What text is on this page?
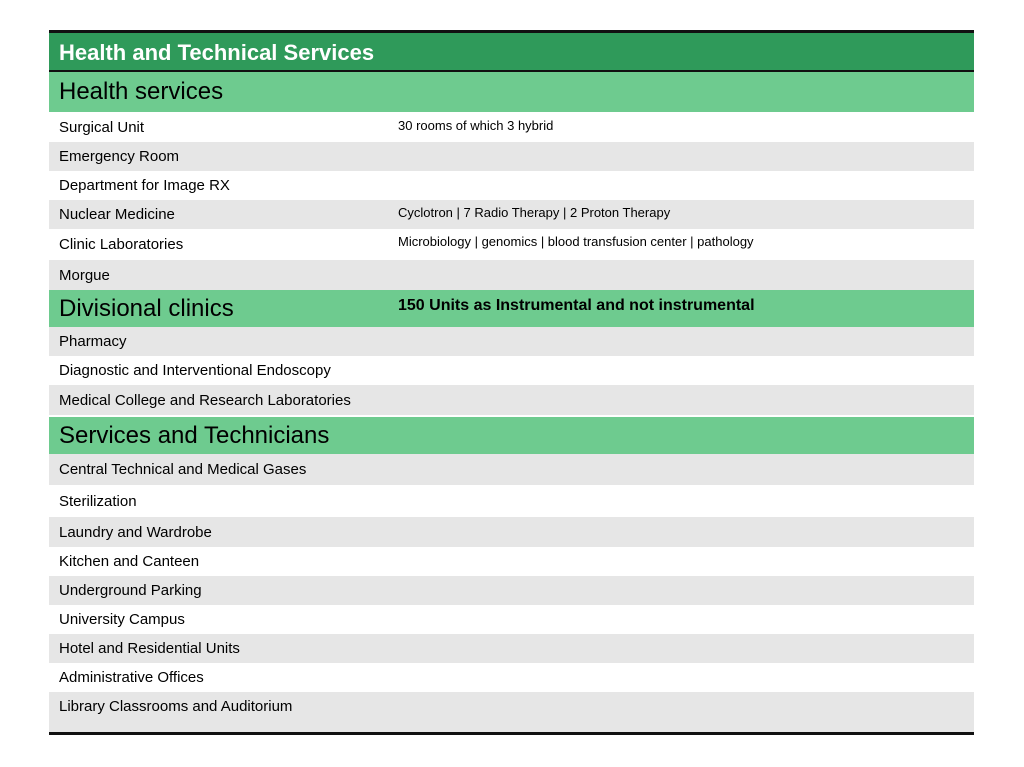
Health and Technical Services
Health services
Surgical Unit	30 rooms of which 3 hybrid
Emergency Room
Department for Image RX
Nuclear Medicine	Cyclotron | 7 Radio Therapy | 2 Proton Therapy
Clinic Laboratories	Microbiology | genomics | blood transfusion center | pathology
Morgue
Divisional clinics	150 Units as Instrumental and not instrumental
Pharmacy
Diagnostic and Interventional Endoscopy
Medical College and Research Laboratories
Services and Technicians
Central Technical and Medical Gases
Sterilization
Laundry and Wardrobe
Kitchen and Canteen
Underground Parking
University Campus
Hotel and Residential Units
Administrative Offices
Library Classrooms and Auditorium
